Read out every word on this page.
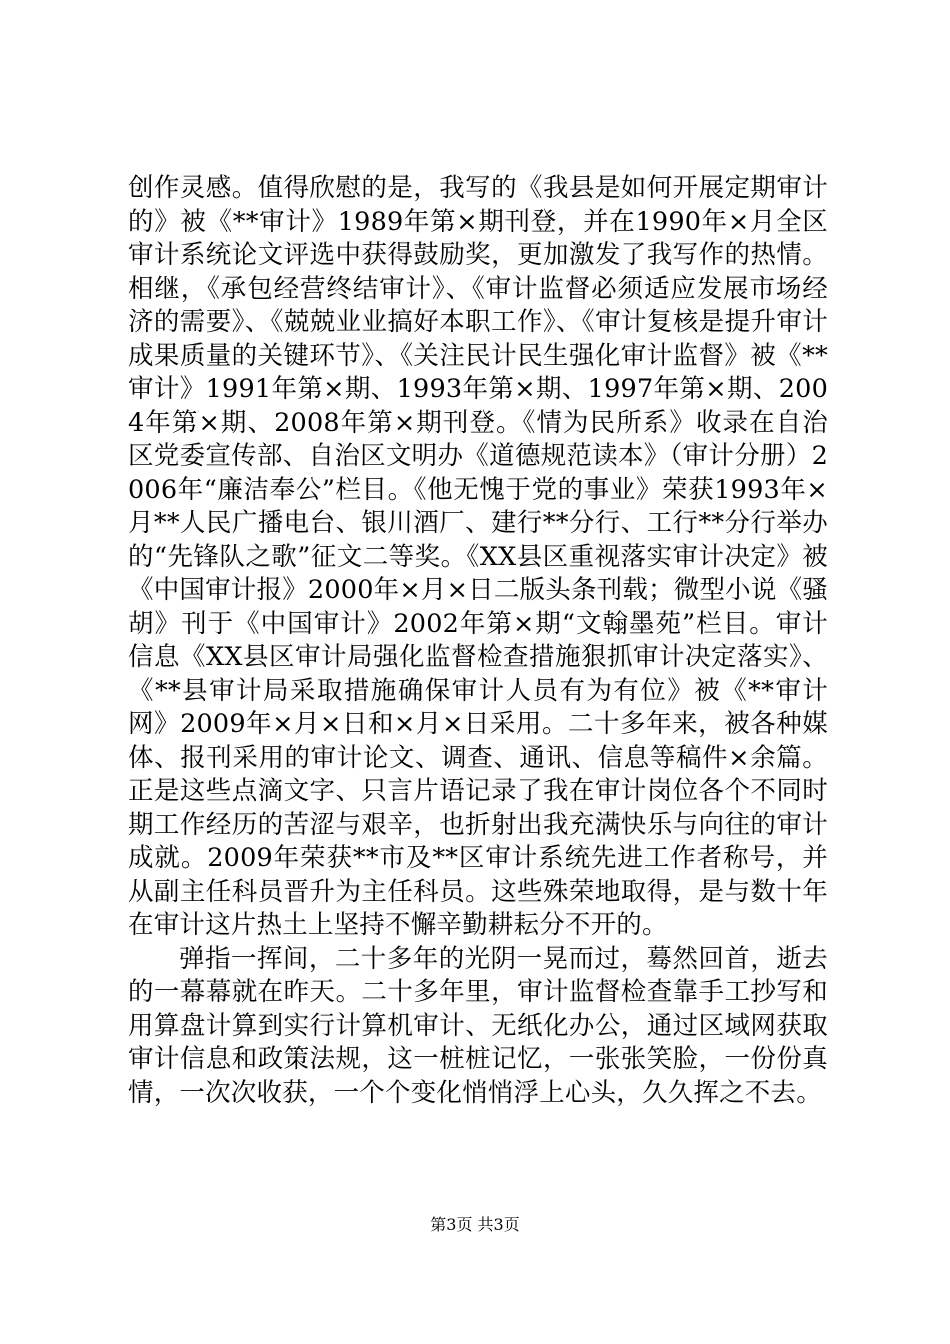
创作灵感。值得欣慰的是，我写的《我县是如何开展定期审计的》被《**审计》1989年第×期刊登，并在1990年×月全区审计系统论文评选中获得鼓励奖，更加激发了我写作的热情。相继，《承包经营终结审计》、《审计监督必须适应发展市场经济的需要》、《兢兢业业搞好本职工作》、《审计复核是提升审计成果质量的关键环节》、《关注民计民生强化审计监督》被《**审计》1991年第×期、1993年第×期、1997年第×期、2004年第×期、2008年第×期刊登。《情为民所系》收录在自治区党委宣传部、自治区文明办《道德规范读本》（审计分册）2006年“廉洁奉公”栏目。《他无愧于党的事业》荣获1993年×月**人民广播电台、银川酒厂、建行**分行、工行**分行举办的“先锋队之歌”征文二等奖。《XX县区重视落实审计决定》被《中国审计报》2000年×月×日二版头条刊载；微型小说《骚胡》刊于《中国审计》2002年第×期“文翰墨苑”栏目。审计信息《XX县区审计局强化监督检查措施狠抓审计决定落实》、《**县审计局采取措施确保审计人员有为有位》被《**审计网》2009年×月×日和×月×日采用。二十多年来，被各种媒体、报刊采用的审计论文、调查、通讯、信息等稿件×余篇。正是这些点滴文字、只言片语记录了我在审计岗位各个不同时期工作经历的苦涩与艰辛，也折射出我充满快乐与向往的审计成就。2009年荣获**市及**区审计系统先进工作者称号，并从副主任科员晋升为主任科员。这些殊荣地取得，是与数十年在审计这片热土上坚持不懈辛勤耕耘分不开的。

弹指一挥间，二十多年的光阴一晃而过，蓦然回首，逝去的一幕幕就在昨天。二十多年里，审计监督检查靠手工抄写和用算盘计算到实行计算机审计、无纸化办公，通过区域网获取审计信息和政策法规，这一桩桩记忆，一张张笑脸，一份份真情，一次次收获，一个个变化悄悄浮上心头，久久挥之不去。

第3页 共3页
